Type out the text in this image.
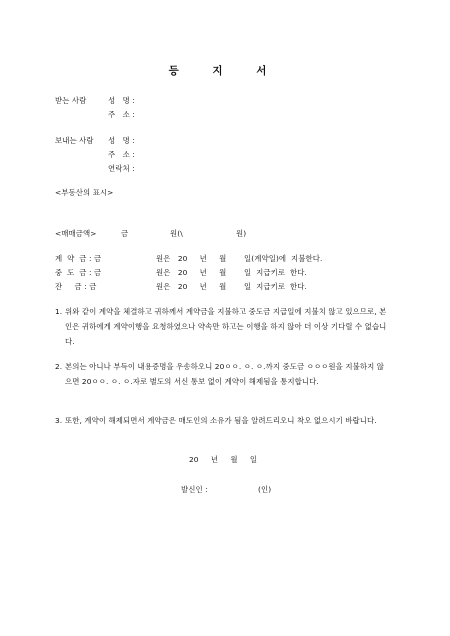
등 지 서
받는 사람	성   명 :
주   소 :
보내는 사람 성   명 :
주   소 :
연락처 :
<부동산의 표시>
<매매금액>	금	원(\	원)
계  약  금 : 금	원은   20     년     월 일(계약일)에  지불한다.
중  도  금 : 금	원은   20     년     월 일  지급키로  한다.
잔     금 : 금	원은   20     년     월 일  지급키로  한다.
1. 위와 같이 계약을 체결하고 귀하께서 계약금을 지불하고 중도금 지급일에 지불치 않고 있으므로, 본인은 귀하에게 계약이행을 요청하였으나 약속만 하고는 이행을 하지 않아 더 이상 기다릴 수 없습니다.
2. 본의는 아니나 부득이 내용증명을 우송하오니 20ㅇㅇ. ㅇ. ㅇ.까지 중도금 ㅇㅇㅇ원을 지불하지 않으면 20ㅇㅇ. ㅇ. ㅇ.자로 별도의 서신 통보 없이 계약이 해제됨을 통지합니다.
3. 또한, 계약이 해제되면서 계약금은 매도인의 소유가 됨을 알려드리오니 착오 없으시기 바랍니다.
20     년     월     일
발신인 :	(인)
